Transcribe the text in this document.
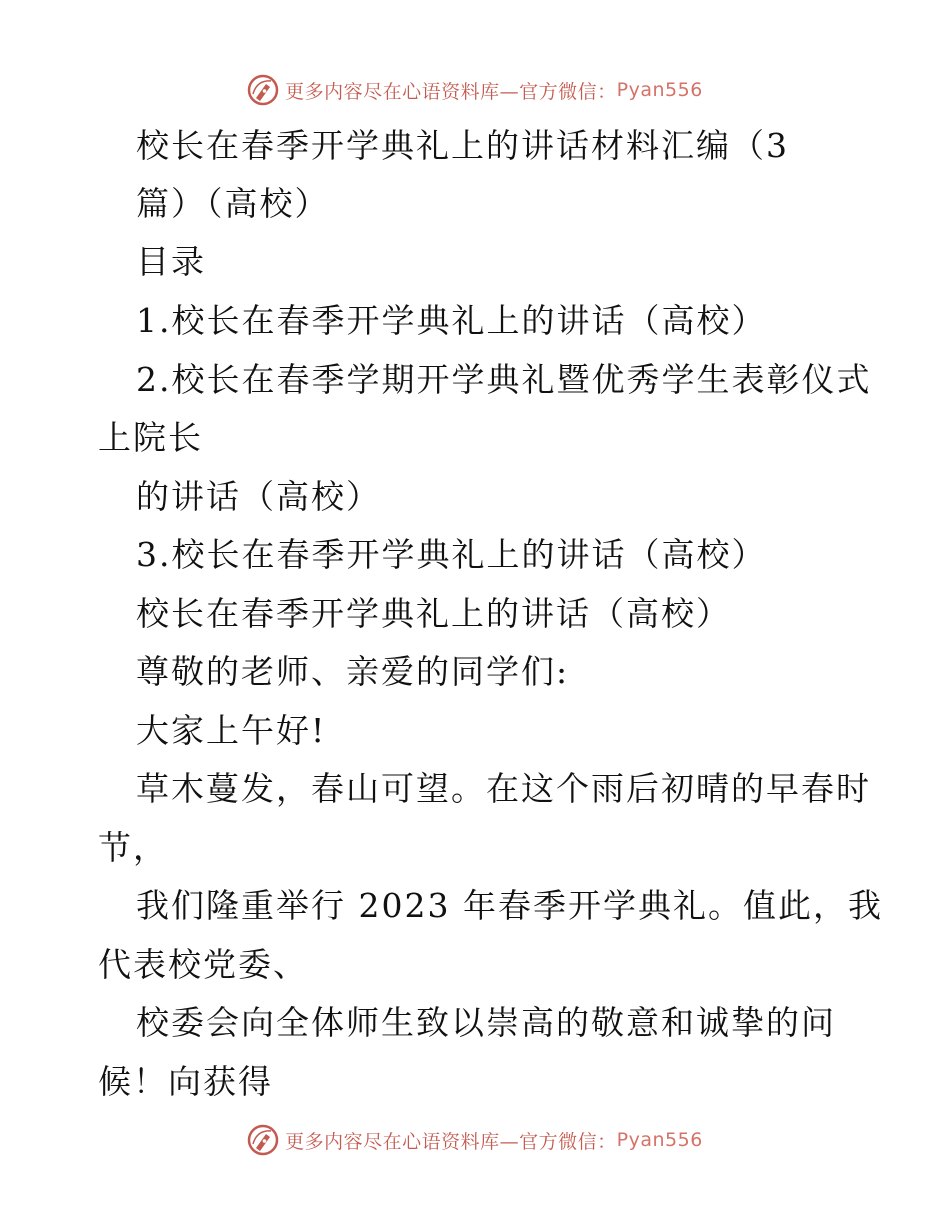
更多内容尽在心语资料库—官方微信： Pyan556
校长在春季开学典礼上的讲话材料汇编（3
篇）（高校）
目录
1.校长在春季开学典礼上的讲话（高校）
2.校长在春季学期开学典礼暨优秀学生表彰仪式
上院长
的讲话（高校）
3.校长在春季开学典礼上的讲话（高校）
校长在春季开学典礼上的讲话（高校）
尊敬的老师、亲爱的同学们:
大家上午好!
草木蔓发，春山可望。在这个雨后初晴的早春时
节，
我们隆重举行 2023 年春季开学典礼。值此，我
代表校党委、
校委会向全体师生致以崇高的敬意和诚挚的问
候！向获得
更多内容尽在心语资料库—官方微信： Pyan556
